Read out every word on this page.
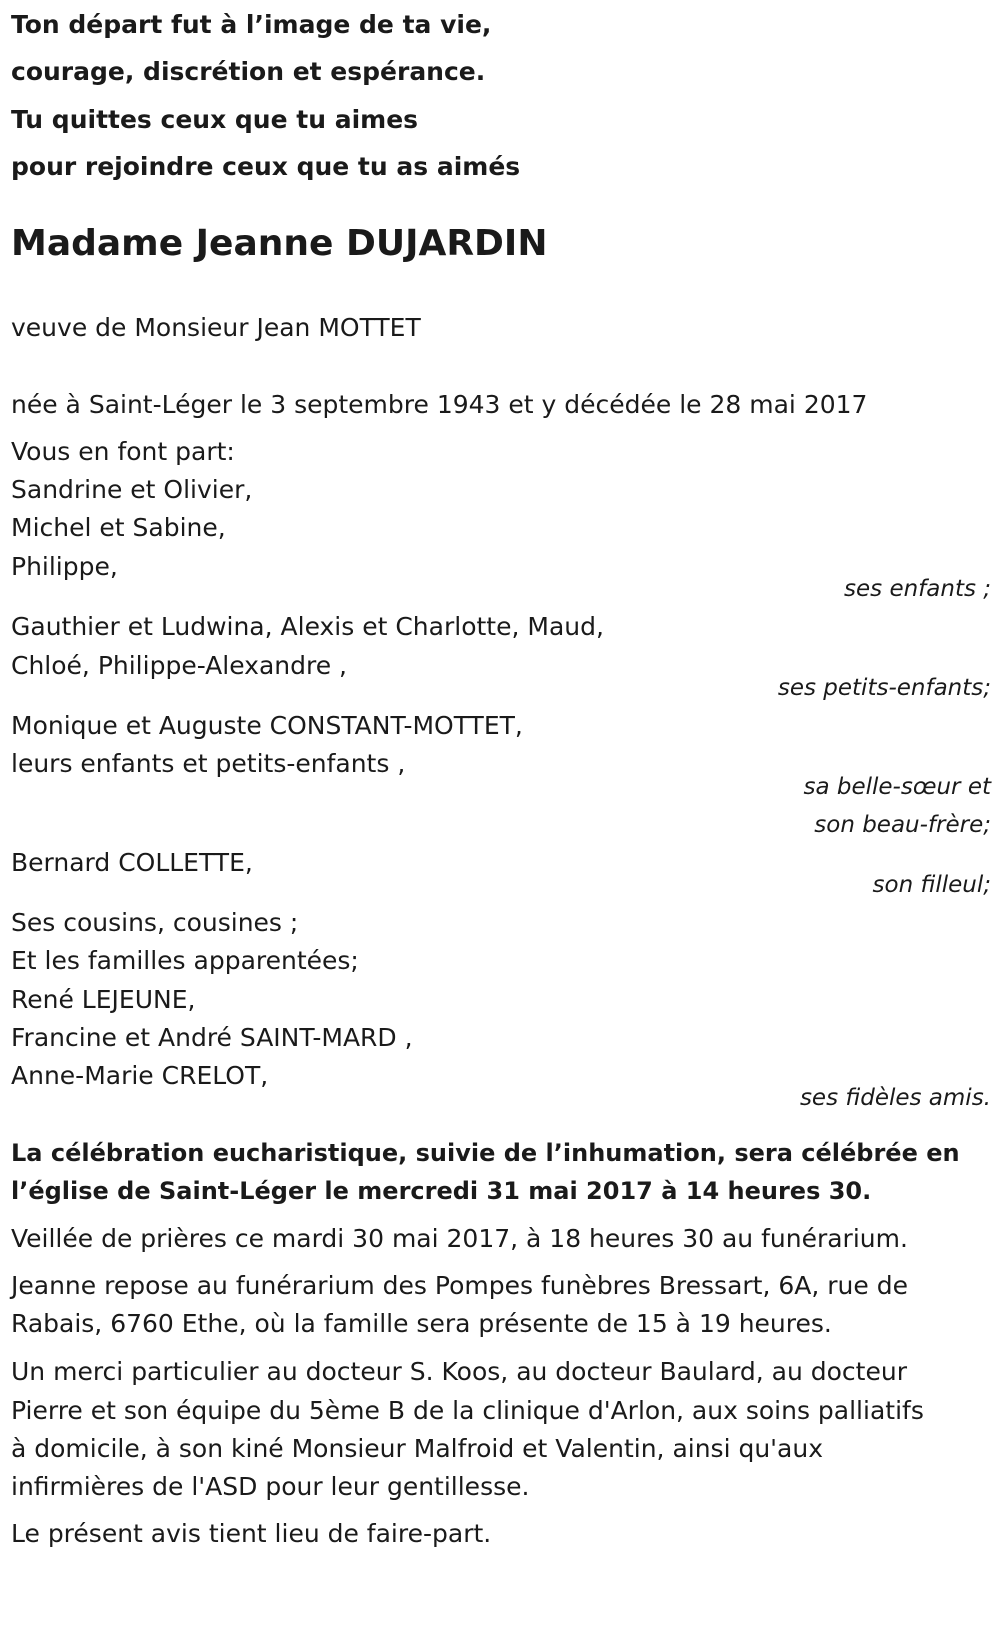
Ton départ fut à l’image de ta vie,
courage, discrétion et espérance.
Tu quittes ceux que tu aimes
pour rejoindre ceux que tu as aimés
Madame Jeanne DUJARDIN
veuve de Monsieur Jean MOTTET
née à Saint-Léger le 3 septembre 1943 et y décédée le 28 mai 2017
Vous en font part:
Sandrine et Olivier,
Michel et Sabine,
Philippe,
ses enfants ;
Gauthier et Ludwina, Alexis et Charlotte, Maud,
Chloé, Philippe-Alexandre ,
ses petits-enfants;
Monique et Auguste CONSTANT-MOTTET,
leurs enfants et petits-enfants ,
sa belle-sœur et
son beau-frère;
Bernard COLLETTE,
son filleul;
Ses cousins, cousines ;
Et les familles apparentées;
René LEJEUNE,
Francine et André SAINT-MARD ,
Anne-Marie CRELOT,
ses fidèles amis.
La célébration eucharistique, suivie de l’inhumation, sera célébrée en
l’église de Saint-Léger le mercredi 31 mai 2017 à 14 heures 30.
Veillée de prières ce mardi 30 mai 2017, à 18 heures 30 au funérarium.
Jeanne repose au funérarium des Pompes funèbres Bressart, 6A, rue de
Rabais, 6760 Ethe, où la famille sera présente de 15 à 19 heures.
Un merci particulier au docteur S. Koos, au docteur Baulard, au docteur
Pierre et son équipe du 5ème B de la clinique d'Arlon, aux soins palliatifs
à domicile, à son kiné Monsieur Malfroid et Valentin, ainsi qu'aux
infirmières de l'ASD pour leur gentillesse.
Le présent avis tient lieu de faire-part.
